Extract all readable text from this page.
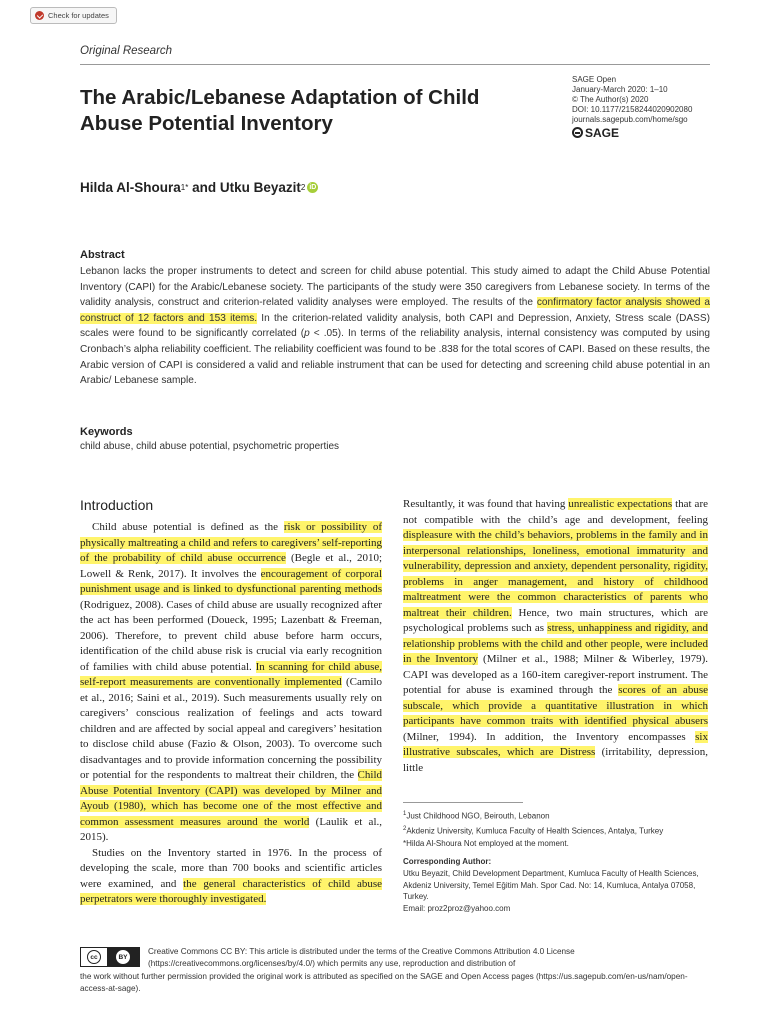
Check for updates
Original Research
The Arabic/Lebanese Adaptation of Child Abuse Potential Inventory
SAGE Open
January-March 2020: 1–10
© The Author(s) 2020
DOI: 10.1177/2158244020902080
journals.sagepub.com/home/sgo
SAGE
Hilda Al-Shoura 1* and Utku Beyazit 2 iD
Abstract
Lebanon lacks the proper instruments to detect and screen for child abuse potential. This study aimed to adapt the Child Abuse Potential Inventory (CAPI) for the Arabic/Lebanese society. The participants of the study were 350 caregivers from Lebanese society. In terms of the validity analysis, construct and criterion-related validity analyses were employed. The results of the confirmatory factor analysis showed a construct of 12 factors and 153 items. In the criterion-related validity analysis, both CAPI and Depression, Anxiety, Stress scale (DASS) scales were found to be significantly correlated (p < .05). In terms of the reliability analysis, internal consistency was computed by using Cronbach’s alpha reliability coefficient. The reliability coefficient was found to be .838 for the total scores of CAPI. Based on these results, the Arabic version of CAPI is considered a valid and reliable instrument that can be used for detecting and screening child abuse potential in an Arabic/ Lebanese sample.
Keywords
child abuse, child abuse potential, psychometric properties
Introduction

Child abuse potential is defined as the risk or possibility of physically maltreating a child and refers to caregivers’ self-reporting of the probability of child abuse occurrence (Begle et al., 2010; Lowell & Renk, 2017). It involves the encouragement of corporal punishment usage and is linked to dysfunctional parenting methods (Rodriguez, 2008). Cases of child abuse are usually recognized after the act has been performed (Doueck, 1995; Lazenbatt & Freeman, 2006). Therefore, to prevent child abuse before harm occurs, identification of the child abuse risk is crucial via early recognition of families with child abuse potential. In scanning for child abuse, self-report measurements are conventionally implemented (Camilo et al., 2016; Saini et al., 2019). Such measurements usually rely on caregivers’ conscious realization of feelings and acts toward children and are affected by social appeal and caregivers’ hesitation to disclose child abuse (Fazio & Olson, 2003). To overcome such disadvantages and to provide information concerning the possibility or potential for the respondents to maltreat their children, the Child Abuse Potential Inventory (CAPI) was developed by Milner and Ayoub (1980), which has become one of the most effective and common assessment measures around the world (Laulik et al., 2015).

Studies on the Inventory started in 1976. In the process of developing the scale, more than 700 books and scientific articles were examined, and the general characteristics of child abuse perpetrators were thoroughly investigated.

Resultantly, it was found that having unrealistic expectations that are not compatible with the child’s age and development, feeling displeasure with the child’s behaviors, problems in the family and in interpersonal relationships, loneliness, emotional immaturity and vulnerability, depression and anxiety, dependent personality, rigidity, problems in anger management, and history of childhood maltreatment were the common characteristics of parents who maltreat their children. Hence, two main structures, which are psychological problems such as stress, unhappiness and rigidity, and relationship problems with the child and other people, were included in the Inventory (Milner et al., 1988; Milner & Wiberley, 1979). CAPI was developed as a 160-item caregiver-report instrument. The potential for abuse is examined through the scores of an abuse subscale, which provide a quantitative illustration in which participants have common traits with identified physical abusers (Milner, 1994). In addition, the Inventory encompasses six illustrative subscales, which are Distress (irritability, depression, little
$^1$Just Childhood NGO, Beirouth, Lebanon
$^2$Akdeniz University, Kumluca Faculty of Health Sciences, Antalya, Turkey
*Hilda Al-Shoura Not employed at the moment.
Corresponding Author:
Utku Beyazit, Child Development Department, Kumluca Faculty of Health Sciences, Akdeniz University, Temel Eğitim Mah. Spor Cad. No: 14, Kumluca, Antalya 07058, Turkey.
Email: proz2proz@yahoo.com
cc	BY
Creative Commons CC BY: This article is distributed under the terms of the Creative Commons Attribution 4.0 License (https://creativecommons.org/licenses/by/4.0/) which permits any use, reproduction and distribution of
the work without further permission provided the original work is attributed as specified on the SAGE and Open Access pages (https://us.sagepub.com/en-us/nam/open-access-at-sage).
